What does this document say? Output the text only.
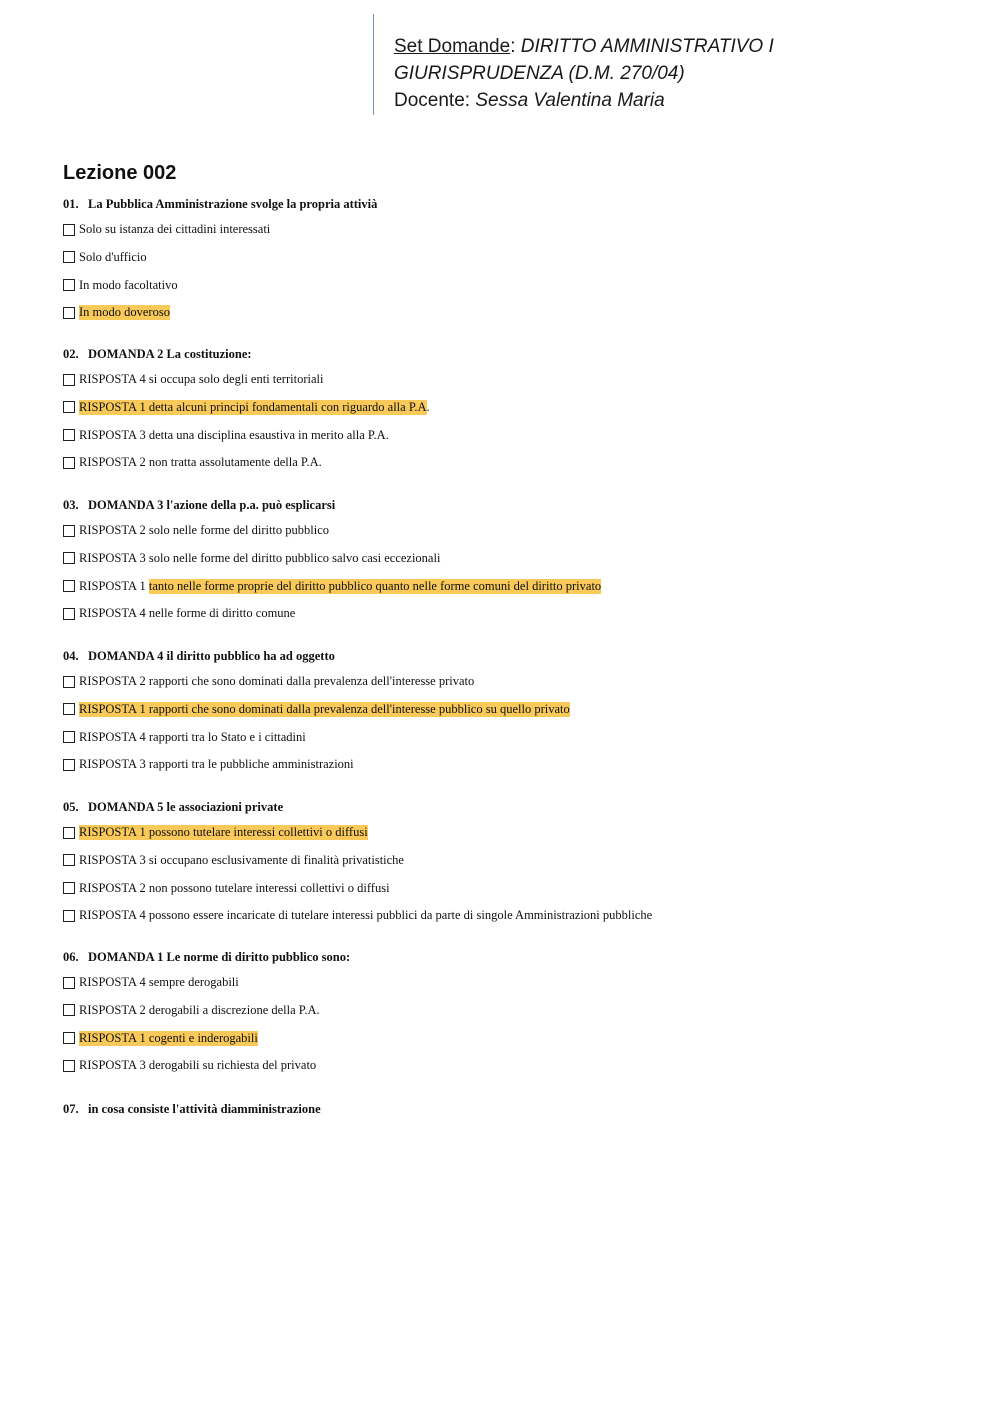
Set Domande: DIRITTO AMMINISTRATIVO I
GIURISPRUDENZA (D.M. 270/04)
Docente: Sessa Valentina Maria
Lezione 002
01. La Pubblica Amministrazione svolge la propria attivià
Solo su istanza dei cittadini interessati
Solo d'ufficio
In modo facoltativo
In modo doveroso
02. DOMANDA 2 La costituzione:
RISPOSTA 4 si occupa solo degli enti territoriali
RISPOSTA 1 detta alcuni principi fondamentali con riguardo alla P.A .
RISPOSTA 3 detta una disciplina esaustiva in merito alla P.A.
RISPOSTA 2 non tratta assolutamente della P.A.
03. DOMANDA 3 l'azione della p.a. può esplicarsi
RISPOSTA 2 solo nelle forme del diritto pubblico
RISPOSTA 3 solo nelle forme del diritto pubblico salvo casi eccezionali
RISPOSTA 1 tanto nelle forme proprie del diritto pubblico quanto nelle forme comuni del diritto privato
RISPOSTA 4 nelle forme di diritto comune
04. DOMANDA 4 il diritto pubblico ha ad oggetto
RISPOSTA 2 rapporti che sono dominati dalla prevalenza dell'interesse privato
RISPOSTA 1 rapporti che sono dominati dalla prevalenza dell'interesse pubblico su quello privato
RISPOSTA 4 rapporti tra lo Stato e i cittadini
RISPOSTA 3 rapporti tra le pubbliche amministrazioni
05. DOMANDA 5 le associazioni private
RISPOSTA 1 possono tutelare interessi collettivi o diffusi
RISPOSTA 3 si occupano esclusivamente di finalità privatistiche
RISPOSTA 2 non possono tutelare interessi collettivi o diffusi
RISPOSTA 4 possono essere incaricate di tutelare interessi pubblici da parte di singole Amministrazioni pubbliche
06. DOMANDA 1 Le norme di diritto pubblico sono:
RISPOSTA 4 sempre derogabili
RISPOSTA 2 derogabili a discrezione della P.A.
RISPOSTA 1 cogenti e inderogabili
RISPOSTA 3 derogabili su richiesta del privato
07. in cosa consiste l'attività diamministrazione
